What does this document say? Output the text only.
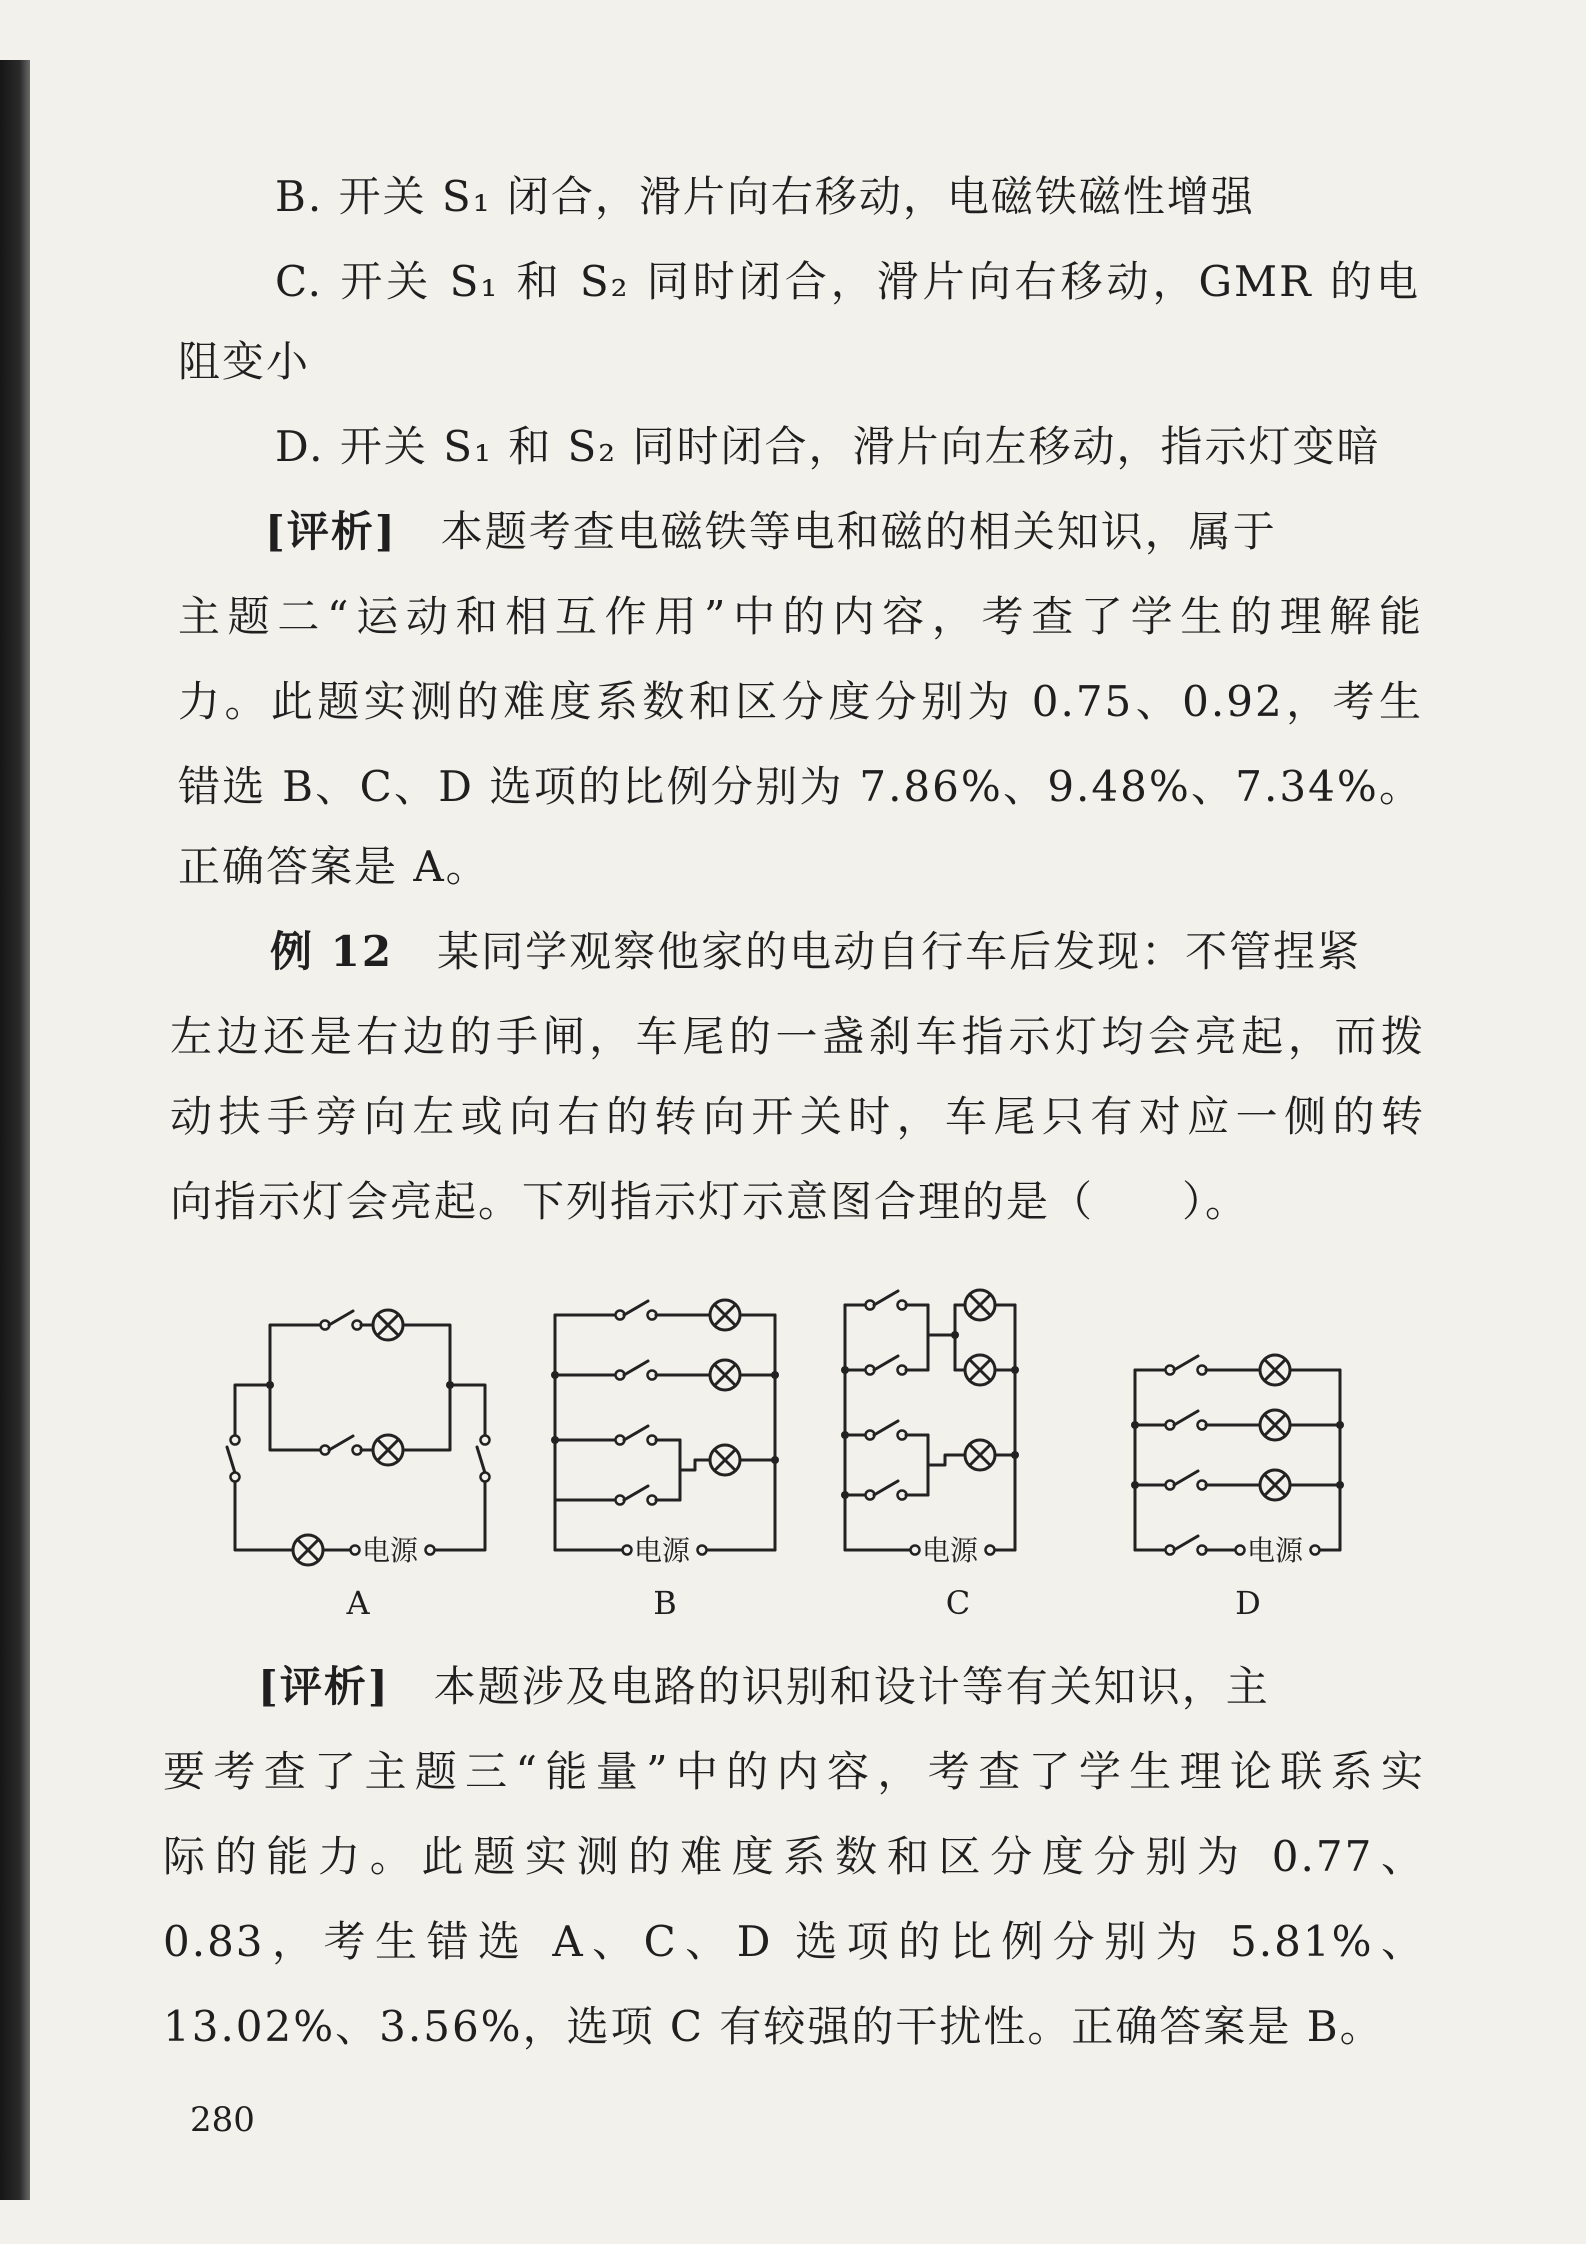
B. 开关 S₁ 闭合，滑片向右移动，电磁铁磁性增强

C. 开关 S₁ 和 S₂ 同时闭合，滑片向右移动，GMR 的电

阻变小

D. 开关 S₁ 和 S₂ 同时闭合，滑片向左移动，指示灯变暗

[评析]　 本题考查电磁铁等电和磁的相关知识，属于

主题二“运动和相互作用”中的内容，考查了学生的理解能

力。此题实测的难度系数和区分度分别为 0.75、0.92，考生

错选 B、C、D 选项的比例分别为 7.86%、9.48%、7.34%。

正确答案是 A。

例 12　 某同学观察他家的电动自行车后发现：不管捏紧

左边还是右边的手闸，车尾的一盏刹车指示灯均会亮起，而拨

动扶手旁向左或向右的转向开关时，车尾只有对应一侧的转

向指示灯会亮起。下列指示灯示意图合理的是（　　）。

电源	电源	电源	电源
A	B	C	D

[评析]　 本题涉及电路的识别和设计等有关知识，主

要考查了主题三“能量”中的内容，考查了学生理论联系实

际的能力。此题实测的难度系数和区分度分别为 0.77、

0.83，考生错选 A、C、D 选项的比例分别为 5.81%、

13.02%、3.56%，选项 C 有较强的干扰性。正确答案是 B。

280
